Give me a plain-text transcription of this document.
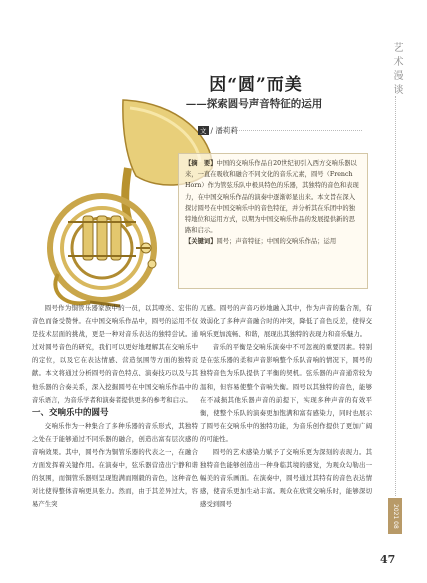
艺术漫谈
2021 08
47
因“圆”而美
——探索圆号声音特征的运用
文 / 潘莉莉
【摘　要】中国的交响乐作品自20世纪初引入西方交响乐器以来，一直在吸收和融合不同文化的音乐元素，圆号（French Horn）作为管弦乐队中极具特色的乐器，其独特的音色和表现力，在中国交响乐作品的演奏中逐渐彰显出来。本文旨在深入探讨圆号在中国交响乐中的音色特征，并分析其在乐团中的独特地位和运用方式，以期为中国交响乐作品的发展提供新的思路和启示。
【关键词】圆号；声音特征；中国的交响乐作品；运用

圆号作为铜管乐器家族中的一员，以其嘹亮、宏伟的音色而备受赞誉。在中国交响乐作品中，圆号的运用不仅是技术层面的挑战，更是一种对音乐表达的独特尝试。通过对圆号音色的研究，我们可以更好地理解其在交响乐中的定位，以及它在表达情感、营造氛围等方面的独特贡献。本文将通过分析圆号的音色特点、演奏技巧以及与其他乐器的合奏关系，深入挖掘圆号在中国交响乐作品中的音乐语言，为音乐学者和演奏者提供更多的参考和启示。

一、交响乐中的圆号

交响乐作为一种集合了多种乐器的音乐形式，其独特之处在于能够通过不同乐器的融合，创造出富有层次感的音响效果。其中，圆号作为铜管乐器的代表之一，在融合方面发挥着关键作用。在演奏中，弦乐器营造出宁静和谐的氛围，而铜管乐器则呈现饱满而刚毅的音色，这种音色对比使得整体音响更具张力。然而，由于其差异过大，容易产生突

兀感。圆号的声音巧妙地融入其中，作为声音的黏合剂，有效弱化了多种声音融合时的冲突，降低了音色反差，使得交响乐更加流畅、和谐，展现出其独特的表现力和音乐魅力。

音乐的平衡是交响乐演奏中不可忽视的重要因素。特别是在弦乐器的柔和声音影响整个乐队音响的情况下，圆号的独特音色为乐队提供了平衡的契机。弦乐器的声音通常较为温和，但容易使整个音响失衡。圆号以其独特的音色，能够在不减损其他乐器声音的前提下，实现多种声音的有效平衡，使整个乐队的演奏更加饱满和富有感染力，同时也展示了圆号在交响乐中的独特功能，为音乐创作提供了更加广阔的可能性。

圆号的艺术感染力赋予了交响乐更为深刻的表现力。其独特音色能够创造出一种身临其境的感觉，为观众勾勒出一幅美的音乐画面。在演奏中，圆号通过其特有的音色表达情感，使音乐更加生动丰富。观众在欣赏交响乐时，能够深切感受到圆号
